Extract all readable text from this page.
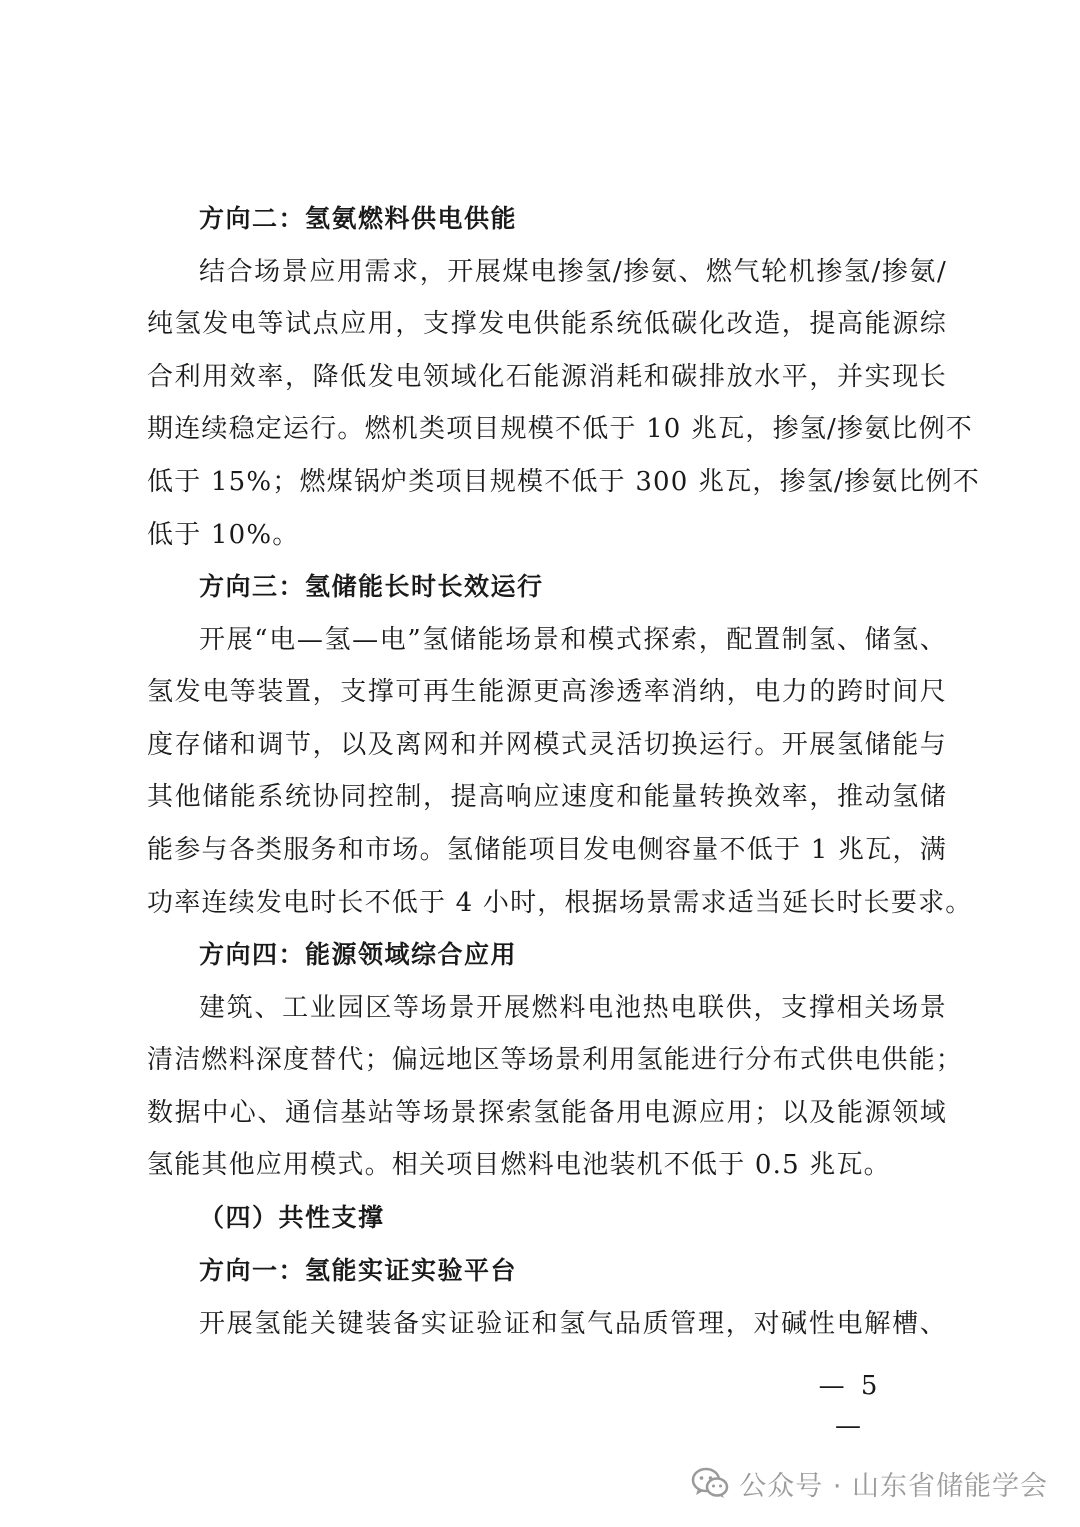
方向二：氢氨燃料供电供能
结合场景应用需求，开展煤电掺氢/掺氨、燃气轮机掺氢/掺氨/
纯氢发电等试点应用，支撑发电供能系统低碳化改造，提高能源综
合利用效率，降低发电领域化石能源消耗和碳排放水平，并实现长
期连续稳定运行。燃机类项目规模不低于 10 兆瓦，掺氢/掺氨比例不
低于 15%；燃煤锅炉类项目规模不低于 300 兆瓦，掺氢/掺氨比例不
低于 10%。
方向三：氢储能长时长效运行
开展“电—氢—电”氢储能场景和模式探索，配置制氢、储氢、
氢发电等装置，支撑可再生能源更高渗透率消纳，电力的跨时间尺
度存储和调节，以及离网和并网模式灵活切换运行。开展氢储能与
其他储能系统协同控制，提高响应速度和能量转换效率，推动氢储
能参与各类服务和市场。氢储能项目发电侧容量不低于 1 兆瓦，满
功率连续发电时长不低于 4 小时，根据场景需求适当延长时长要求。
方向四：能源领域综合应用
建筑、工业园区等场景开展燃料电池热电联供，支撑相关场景
清洁燃料深度替代；偏远地区等场景利用氢能进行分布式供电供能；
数据中心、通信基站等场景探索氢能备用电源应用；以及能源领域
氢能其他应用模式。相关项目燃料电池装机不低于 0.5 兆瓦。
（四）共性支撑
方向一：氢能实证实验平台
开展氢能关键装备实证验证和氢气品质管理，对碱性电解槽、
— 5 —
公众号 · 山东省储能学会
